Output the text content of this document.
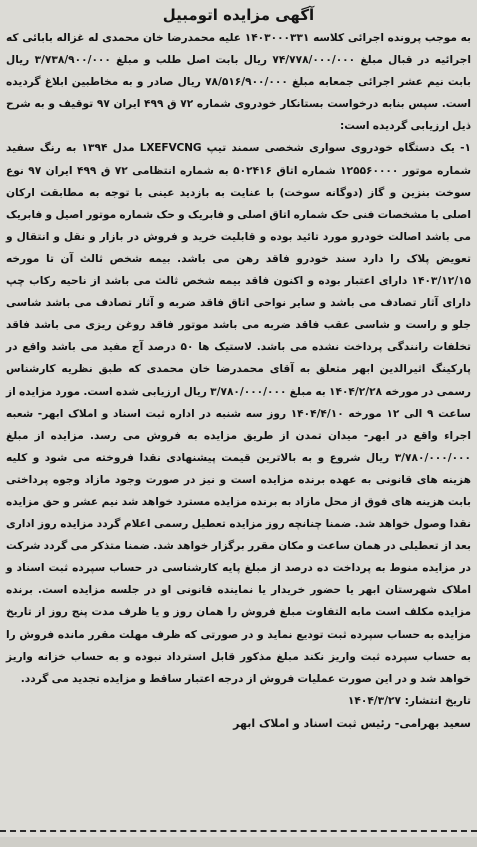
آگهی مزایده اتومبیل

به موجب پرونده اجرائی کلاسه ۱۴۰۳۰۰۰۳۳۱ علیه محمدرضا خان محمدی له غزاله بابائی که اجرائیه در قبال مبلغ ۷۴/۷۷۸/۰۰۰/۰۰۰ ریال بابت اصل طلب و مبلغ ۳/۷۳۸/۹۰۰/۰۰۰ ریال بابت نیم عشر اجرائی جمعابه مبلغ ۷۸/۵۱۶/۹۰۰/۰۰۰ ریال صادر و به مخاطبین ابلاغ گردیده است. سپس بنابه درخواست بستانکار خودروی شماره ۷۲ ق ۴۹۹ ایران ۹۷ توقیف و به شرح ذیل ارزیابی گردیده است:
۱- یک دستگاه خودروی سواری شخصی سمند تیپ LXEFVCNG مدل ۱۳۹۴ به رنگ سفید شماره موتور ۱۲۵۵۶۰۰۰۰ شماره اتاق ۵۰۲۴۱۶ به شماره انتظامی ۷۲ ق ۴۹۹ ایران ۹۷ نوع سوخت بنزین و گاز (دوگانه سوخت) با عنایت به بازدید عینی با توجه به مطابقت ارکان اصلی با مشخصات فنی حک شماره اتاق اصلی و فابریک و حک شماره موتور اصیل و فابریک می باشد اصالت خودرو مورد تائید بوده و قابلیت خرید و فروش در بازار و نقل و انتقال و تعویض پلاک را دارد سند خودرو فاقد رهن می باشد. بیمه شخص ثالث آن تا مورخه ۱۴۰۳/۱۲/۱۵ دارای اعتبار بوده و اکنون فاقد بیمه شخص ثالث می باشد از ناحیه رکاب چپ دارای آثار تصادف می باشد و سایر نواحی اتاق فاقد ضربه و آثار تصادف می باشد شاسی جلو و راست و شاسی عقب فاقد ضربه می باشد موتور فاقد روغن ریزی می باشد فاقد تخلفات رانندگی پرداخت نشده می باشد. لاستیک ها ۵۰ درصد آج مفید می باشد واقع در پارکینگ اثیرالدین ابهر متعلق به آقای محمدرضا خان محمدی که طبق نظریه کارشناس رسمی در مورخه ۱۴۰۴/۲/۲۸ به مبلغ ۳/۷۸۰/۰۰۰/۰۰۰ ریال ارزیابی شده است. مورد مزایده از ساعت ۹ الی ۱۲ مورخه ۱۴۰۴/۴/۱۰ روز سه شنبه در اداره ثبت اسناد و املاک ابهر- شعبه اجراء واقع در ابهر- میدان تمدن از طریق مزایده به فروش می رسد. مزایده از مبلغ ۳/۷۸۰/۰۰۰/۰۰۰ ریال شروع و به بالاترین قیمت پیشنهادی نقدا فروخته می شود و کلیه هزینه های قانونی به عهده برنده مزایده است و نیز در صورت وجود مازاد وجوه پرداختی بابت هزینه های فوق از محل مازاد به برنده مزایده مسترد خواهد شد نیم عشر و حق مزایده نقدا وصول خواهد شد. ضمنا چنانچه روز مزایده تعطیل رسمی اعلام گردد مزایده روز اداری بعد از تعطیلی در همان ساعت و مکان مقرر برگزار خواهد شد. ضمنا متذکر می گردد شرکت در مزایده منوط به پرداخت ده درصد از مبلغ پایه کارشناسی در حساب سپرده ثبت اسناد و املاک شهرستان ابهر یا حضور خریدار یا نماینده قانونی او در جلسه مزایده است. برنده مزایده مکلف است مابه التفاوت مبلغ فروش را همان روز و یا ظرف مدت پنج روز از تاریخ مزایده به حساب سپرده ثبت تودیع نماید و در صورتی که ظرف مهلت مقرر مانده فروش را به حساب سپرده ثبت واریز نکند مبلغ مذکور قابل استرداد نبوده و به حساب خزانه واریز خواهد شد و در این صورت عملیات فروش از درجه اعتبار ساقط و مزایده تجدید می گردد.

تاریخ انتشار: ۱۴۰۴/۳/۲۷
سعید بهرامی- رئیس ثبت اسناد و املاک ابهر
